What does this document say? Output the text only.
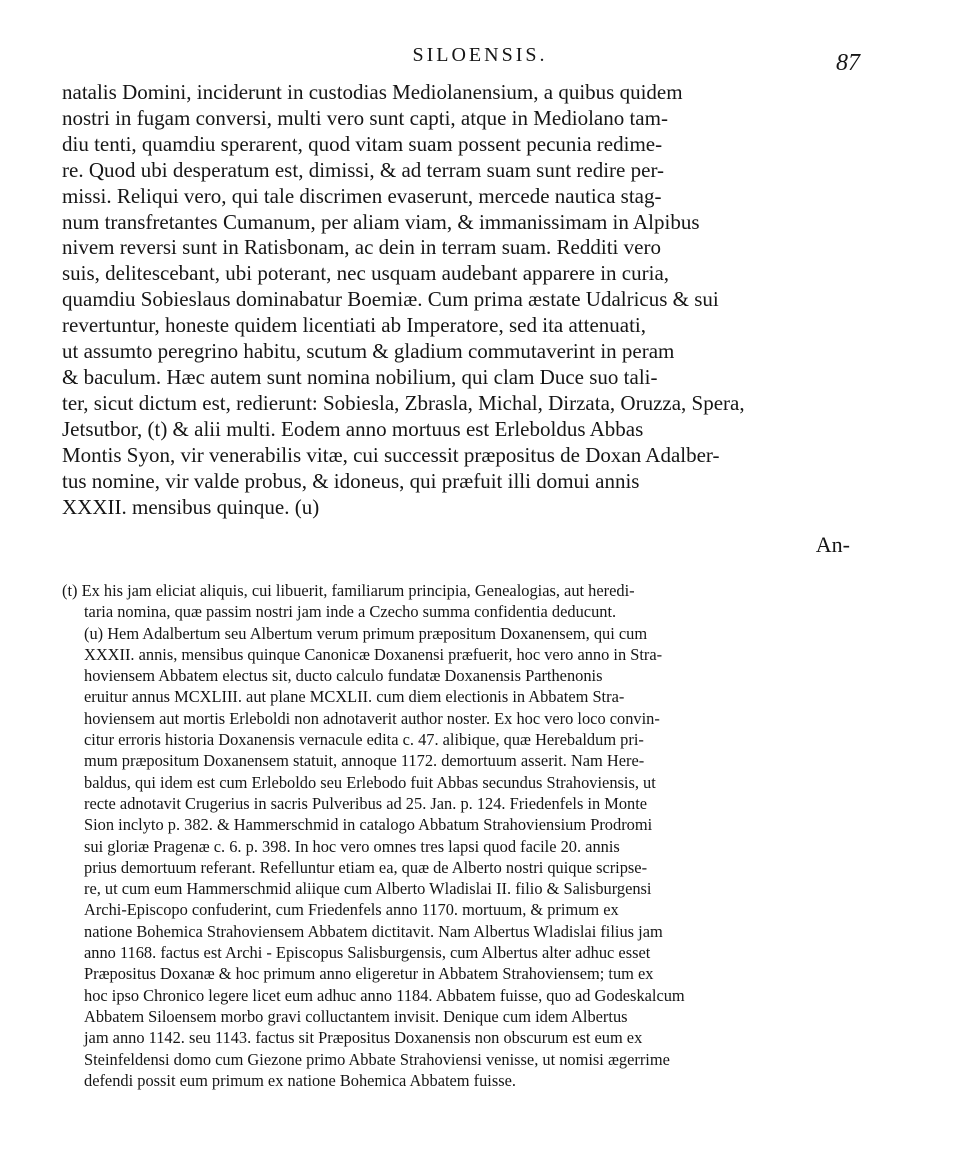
SILOENSIS.	87
natalis Domini, inciderunt in custodias Mediolanensium, a quibus quidem
nostri in fugam conversi, multi vero sunt capti, atque in Mediolano tam-
diu tenti, quamdiu sperarent, quod vitam suam possent pecunia redime-
re. Quod ubi desperatum est, dimissi, & ad terram suam sunt redire per-
missi. Reliqui vero, qui tale discrimen evaserunt, mercede nautica stag-
num transfretantes Cumanum, per aliam viam, & immanissimam in Alpibus
nivem reversi sunt in Ratisbonam, ac dein in terram suam. Redditi vero
suis, delitescebant, ubi poterant, nec usquam audebant apparere in curia,
quamdiu Sobieslaus dominabatur Boemiæ. Cum prima æstate Udalricus & sui
revertuntur, honeste quidem licentiati ab Imperatore, sed ita attenuati,
ut assumto peregrino habitu, scutum & gladium commutaverint in peram
& baculum. Hæc autem sunt nomina nobilium, qui clam Duce suo tali-
ter, sicut dictum est, redierunt: Sobiesla, Zbrasla, Michal, Dirzata, Oruzza, Spera,
Jetsutbor, (t) & alii multi. Eodem anno mortuus est Erleboldus Abbas
Montis Syon, vir venerabilis vitæ, cui successit præpositus de Doxan Adalber-
tus nomine, vir valde probus, & idoneus, qui præfuit illi domui annis
XXXII. mensibus quinque. (u)
An-
(t) Ex his jam eliciat aliquis, cui libuerit, familiarum principia, Genealogias, aut heredi-
taria nomina, quæ passim nostri jam inde a Czecho summa confidentia deducunt.
(u) Hem Adalbertum seu Albertum verum primum præpositum Doxanensem, qui cum
XXXII. annis, mensibus quinque Canonicæ Doxanensi præfuerit, hoc vero anno in Stra-
hoviensem Abbatem electus sit, ducto calculo fundatæ Doxanensis Parthenonis
eruitur annus MCXLIII. aut plane MCXLII. cum diem electionis in Abbatem Stra-
hoviensem aut mortis Erleboldi non adnotaverit author noster. Ex hoc vero loco convin-
citur erroris historia Doxanensis vernacule edita c. 47. alibique, quæ Herebaldum pri-
mum præpositum Doxanensem statuit, annoque 1172. demortuum asserit. Nam Here-
baldus, qui idem est cum Erleboldo seu Erlebodo fuit Abbas secundus Strahoviensis, ut
recte adnotavit Crugerius in sacris Pulveribus ad 25. Jan. p. 124. Friedenfels in Monte
Sion inclyto p. 382. & Hammerschmid in catalogo Abbatum Strahoviensium Prodromi
sui gloriæ Pragenæ c. 6. p. 398. In hoc vero omnes tres lapsi quod facile 20. annis
prius demortuum referant. Refelluntur etiam ea, quæ de Alberto nostri quique scripse-
re, ut cum eum Hammerschmid aliique cum Alberto Wladislai II. filio & Salisburgensi
Archi-Episcopo confuderint, cum Friedenfels anno 1170. mortuum, & primum ex
natione Bohemica Strahoviensem Abbatem dictitavit. Nam Albertus Wladislai filius jam
anno 1168. factus est Archi - Episcopus Salisburgensis, cum Albertus alter adhuc esset
Præpositus Doxanæ & hoc primum anno eligeretur in Abbatem Strahoviensem; tum ex
hoc ipso Chronico legere licet eum adhuc anno 1184. Abbatem fuisse, quo ad Godeskalcum
Abbatem Siloensem morbo gravi colluctantem invisit. Denique cum idem Albertus
jam anno 1142. seu 1143. factus sit Præpositus Doxanensis non obscurum est eum ex
Steinfeldensi domo cum Giezone primo Abbate Strahoviensi venisse, ut nomisi ægerrime
defendi possit eum primum ex natione Bohemica Abbatem fuisse.
